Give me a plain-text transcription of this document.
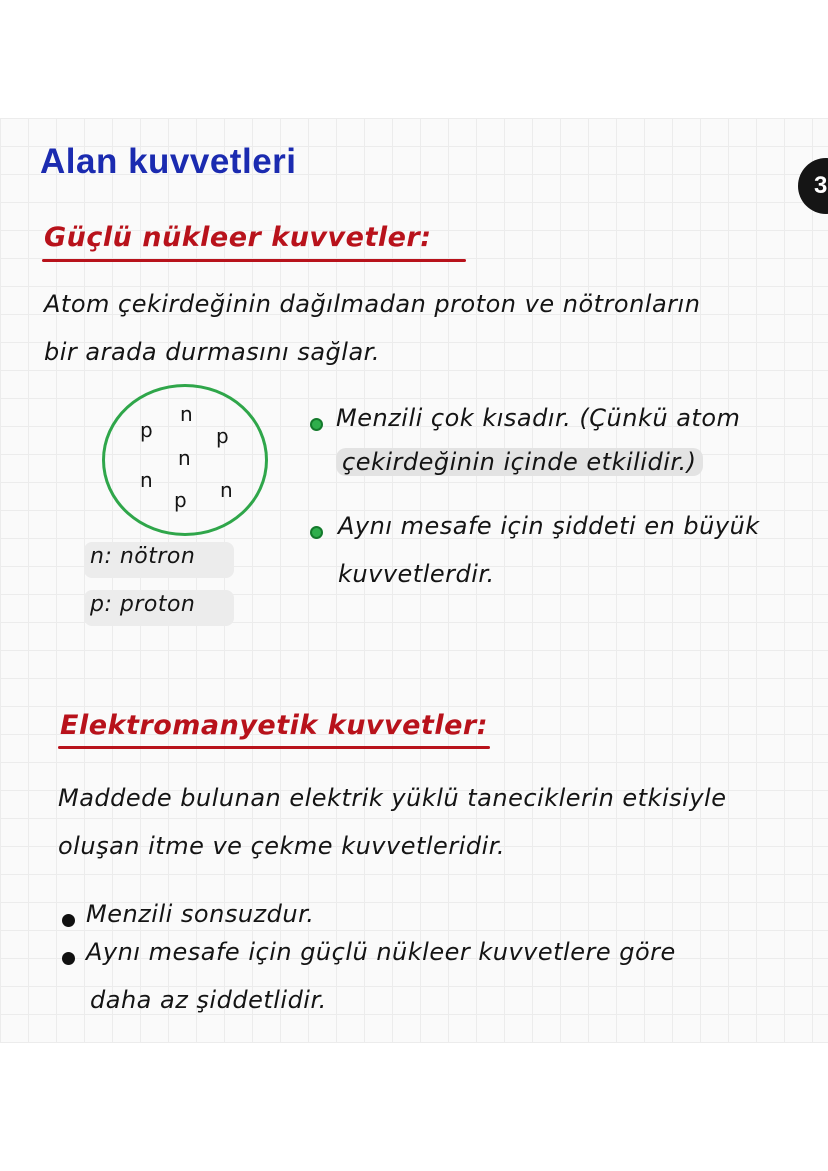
3
Alan kuvvetleri

Güçlü nükleer kuvvetler:

Atom çekirdeğinin dağılmadan proton ve nötronların

bir arada durmasını sağlar.

p

n

p

n

n	n

p

Menzili çok kısadır. (Çünkü atom

çekirdeğinin içinde etkilidir.)

Aynı mesafe için şiddeti en büyük

kuvvetlerdir.

n: nötron

p: proton

Elektromanyetik kuvvetler:

Maddede bulunan elektrik yüklü taneciklerin etkisiyle

oluşan itme ve çekme kuvvetleridir.

Menzili sonsuzdur.

Aynı mesafe için güçlü nükleer kuvvetlere göre

daha az şiddetlidir.
